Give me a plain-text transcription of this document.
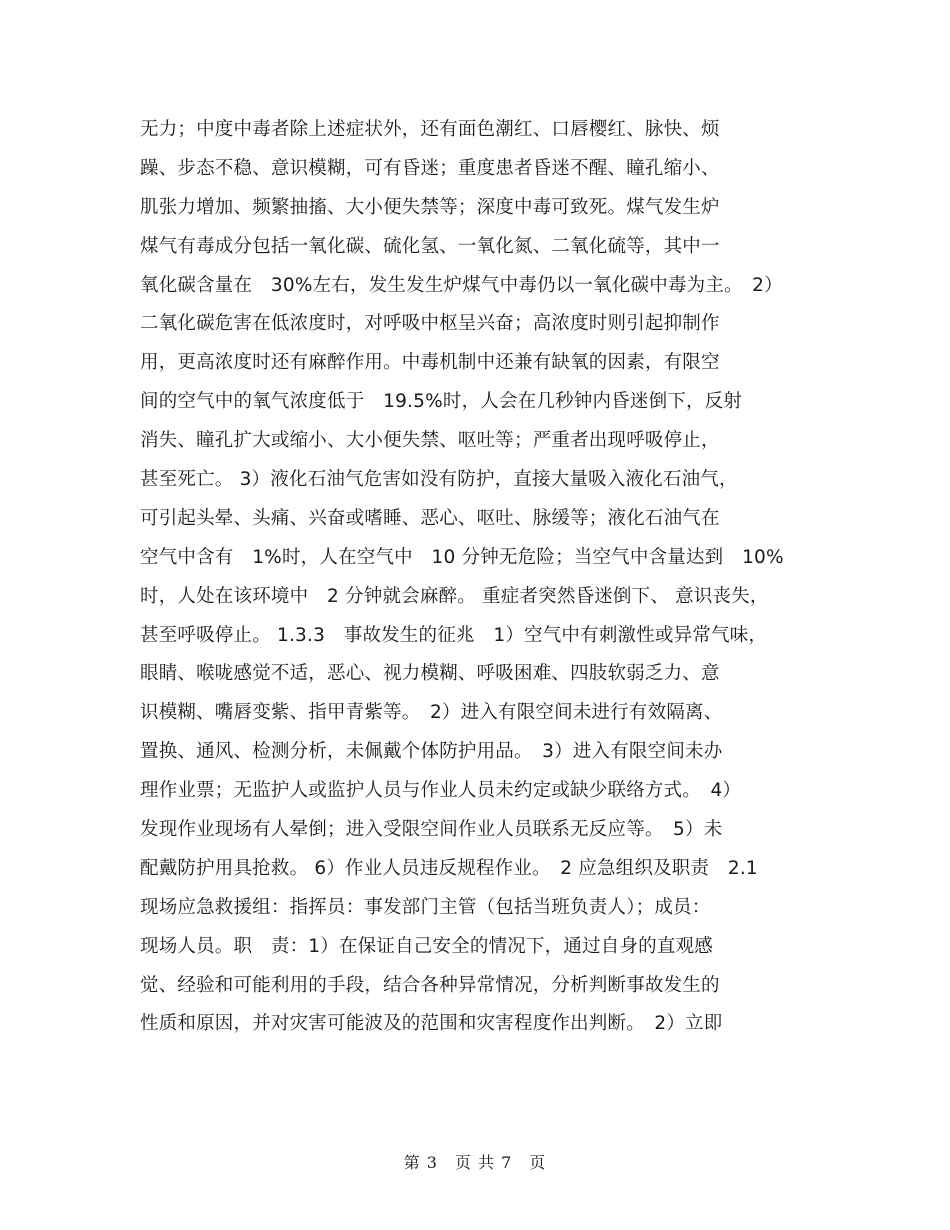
无力；中度中毒者除上述症状外，还有面色潮红、口唇樱红、脉快、烦
躁、步态不稳、意识模糊，可有昏迷；重度患者昏迷不醒、瞳孔缩小、
肌张力增加、频繁抽搐、大小便失禁等；深度中毒可致死。煤气发生炉
煤气有毒成分包括一氧化碳、硫化氢、一氧化氮、二氧化硫等，其中一
氧化碳含量在　30%左右，发生发生炉煤气中毒仍以一氧化碳中毒为主。　2）
二氧化碳危害在低浓度时，对呼吸中枢呈兴奋；高浓度时则引起抑制作
用，更高浓度时还有麻醉作用。中毒机制中还兼有缺氧的因素，有限空
间的空气中的氧气浓度低于　19.5%时，人会在几秒钟内昏迷倒下，反射
消失、瞳孔扩大或缩小、大小便失禁、呕吐等；严重者出现呼吸停止，
甚至死亡。 3）液化石油气危害如没有防护，直接大量吸入液化石油气，
可引起头晕、头痛、兴奋或嗜睡、恶心、呕吐、脉缓等；液化石油气在
空气中含有　1%时，人在空气中　10 分钟无危险；当空气中含量达到　10%
时，人处在该环境中　2 分钟就会麻醉。 重症者突然昏迷倒下、 意识丧失，
甚至呼吸停止。 1.3.3　事故发生的征兆　1）空气中有刺激性或异常气味，
眼睛、喉咙感觉不适，恶心、视力模糊、呼吸困难、四肢软弱乏力、意
识模糊、嘴唇变紫、指甲青紫等。　2）进入有限空间未进行有效隔离、
置换、通风、检测分析，未佩戴个体防护用品。　3）进入有限空间未办
理作业票；无监护人或监护人员与作业人员未约定或缺少联络方式。　4）
发现作业现场有人晕倒；进入受限空间作业人员联系无反应等。　5）未
配戴防护用具抢救。 6）作业人员违反规程作业。　2 应急组织及职责　2.1
现场应急救援组：指挥员：事发部门主管（包括当班负责人）；成员：
现场人员。职　责：1）在保证自己安全的情况下，通过自身的直观感
觉、经验和可能利用的手段，结合各种异常情况，分析判断事故发生的
性质和原因，并对灾害可能波及的范围和灾害程度作出判断。　2）立即
第 3　页 共 7　页
